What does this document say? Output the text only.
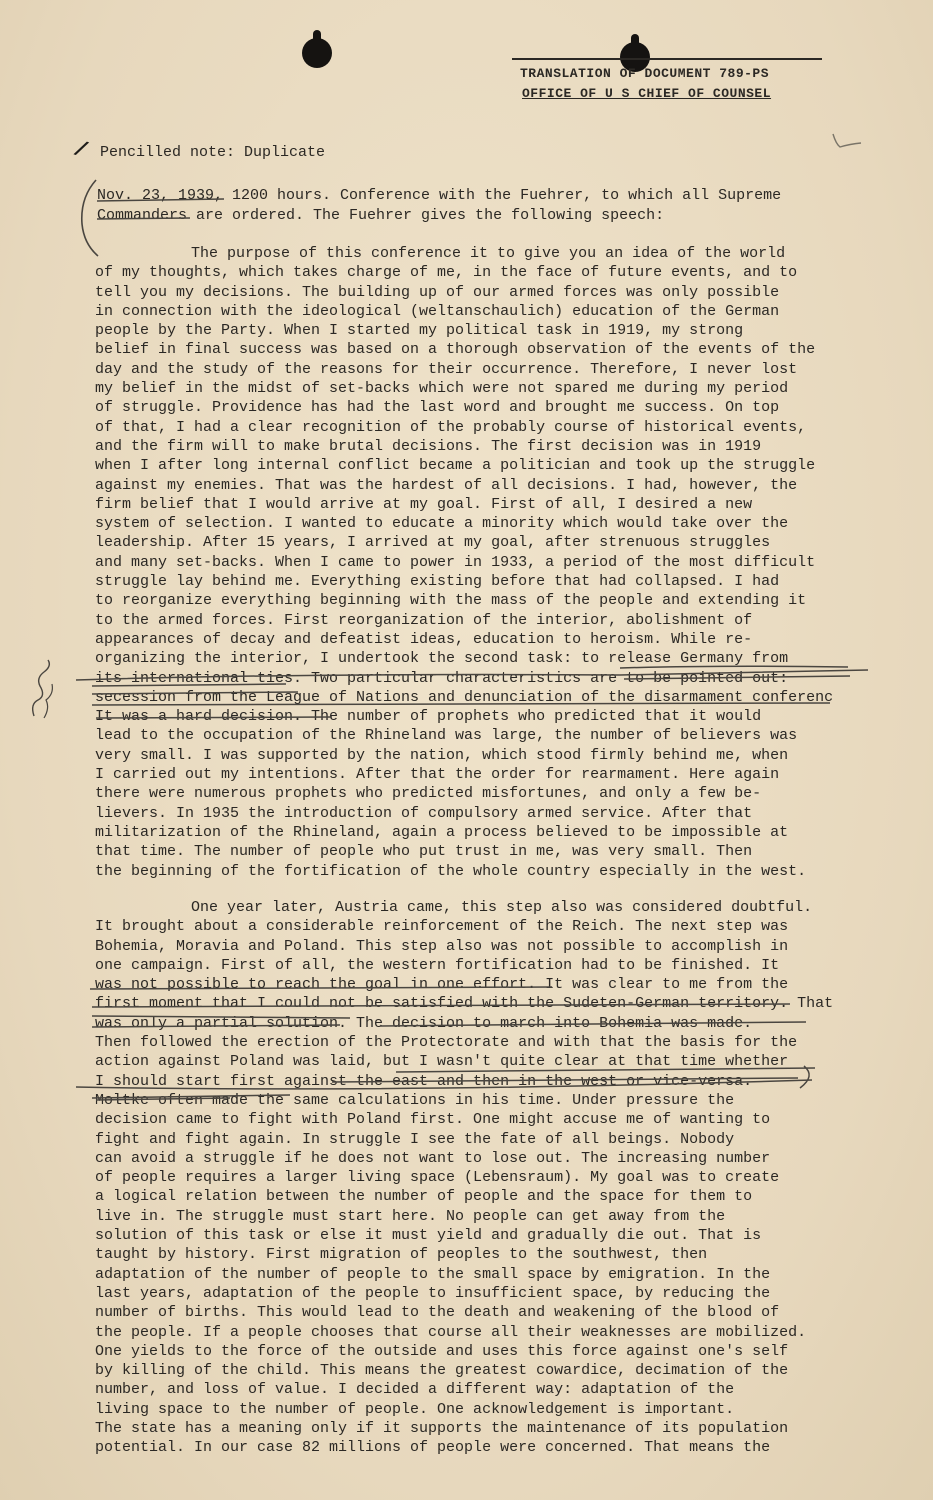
TRANSLATION OF DOCUMENT 789-PS
OFFICE OF U S CHIEF OF COUNSEL
/ Pencilled note: Duplicate
Nov. 23, 1939, 1200 hours. Conference with the Fuehrer, to which all Supreme
Commanders are ordered. The Fuehrer gives the following speech:
The purpose of this conference it to give you an idea of the world
of my thoughts, which takes charge of me, in the face of future events, and to
tell you my decisions. The building up of our armed forces was only possible
in connection with the ideological (weltanschaulich) education of the German
people by the Party. When I started my political task in 1919, my strong
belief in final success was based on a thorough observation of the events of the
day and the study of the reasons for their occurrence. Therefore, I never lost
my belief in the midst of set-backs which were not spared me during my period
of struggle. Providence has had the last word and brought me success. On top
of that, I had a clear recognition of the probably course of historical events,
and the firm will to make brutal decisions. The first decision was in 1919
when I after long internal conflict became a politician and took up the struggle
against my enemies. That was the hardest of all decisions. I had, however, the
firm belief that I would arrive at my goal. First of all, I desired a new
system of selection. I wanted to educate a minority which would take over the
leadership. After 15 years, I arrived at my goal, after strenuous struggles
and many set-backs. When I came to power in 1933, a period of the most difficult
struggle lay behind me. Everything existing before that had collapsed. I had
to reorganize everything beginning with the mass of the people and extending it
to the armed forces. First reorganization of the interior, abolishment of
appearances of decay and defeatist ideas, education to heroism. While re-
organizing the interior, I undertook the second task: to release Germany from
its international ties. Two particular characteristics are to be pointed out:
secession from the League of Nations and denunciation of the disarmament conferenc
It was a hard decision. The number of prophets who predicted that it would
lead to the occupation of the Rhineland was large, the number of believers was
very small. I was supported by the nation, which stood firmly behind me, when
I carried out my intentions. After that the order for rearmament. Here again
there were numerous prophets who predicted misfortunes, and only a few be-
lievers. In 1935 the introduction of compulsory armed service. After that
militarization of the Rhineland, again a process believed to be impossible at
that time. The number of people who put trust in me, was very small. Then
the beginning of the fortification of the whole country especially in the west.
One year later, Austria came, this step also was considered doubtful.
It brought about a considerable reinforcement of the Reich. The next step was
Bohemia, Moravia and Poland. This step also was not possible to accomplish in
one campaign. First of all, the western fortification had to be finished. It
was not possible to reach the goal in one effort. It was clear to me from the
first moment that I could not be satisfied with the Sudeten-German territory. That
was only a partial solution. The decision to march into Bohemia was made.
Then followed the erection of the Protectorate and with that the basis for the
action against Poland was laid, but I wasn't quite clear at that time whether
I should start first against the east and then in the west or vice-versa.
Moltke often made the same calculations in his time. Under pressure the
decision came to fight with Poland first. One might accuse me of wanting to
fight and fight again. In struggle I see the fate of all beings. Nobody
can avoid a struggle if he does not want to lose out. The increasing number
of people requires a larger living space (Lebensraum). My goal was to create
a logical relation between the number of people and the space for them to
live in. The struggle must start here. No people can get away from the
solution of this task or else it must yield and gradually die out. That is
taught by history. First migration of peoples to the southwest, then
adaptation of the number of people to the small space by emigration. In the
last years, adaptation of the people to insufficient space, by reducing the
number of births. This would lead to the death and weakening of the blood of
the people. If a people chooses that course all their weaknesses are mobilized.
One yields to the force of the outside and uses this force against one's self
by killing of the child. This means the greatest cowardice, decimation of the
number, and loss of value. I decided a different way: adaptation of the
living space to the number of people. One acknowledgement is important.
The state has a meaning only if it supports the maintenance of its population
potential. In our case 82 millions of people were concerned. That means the
